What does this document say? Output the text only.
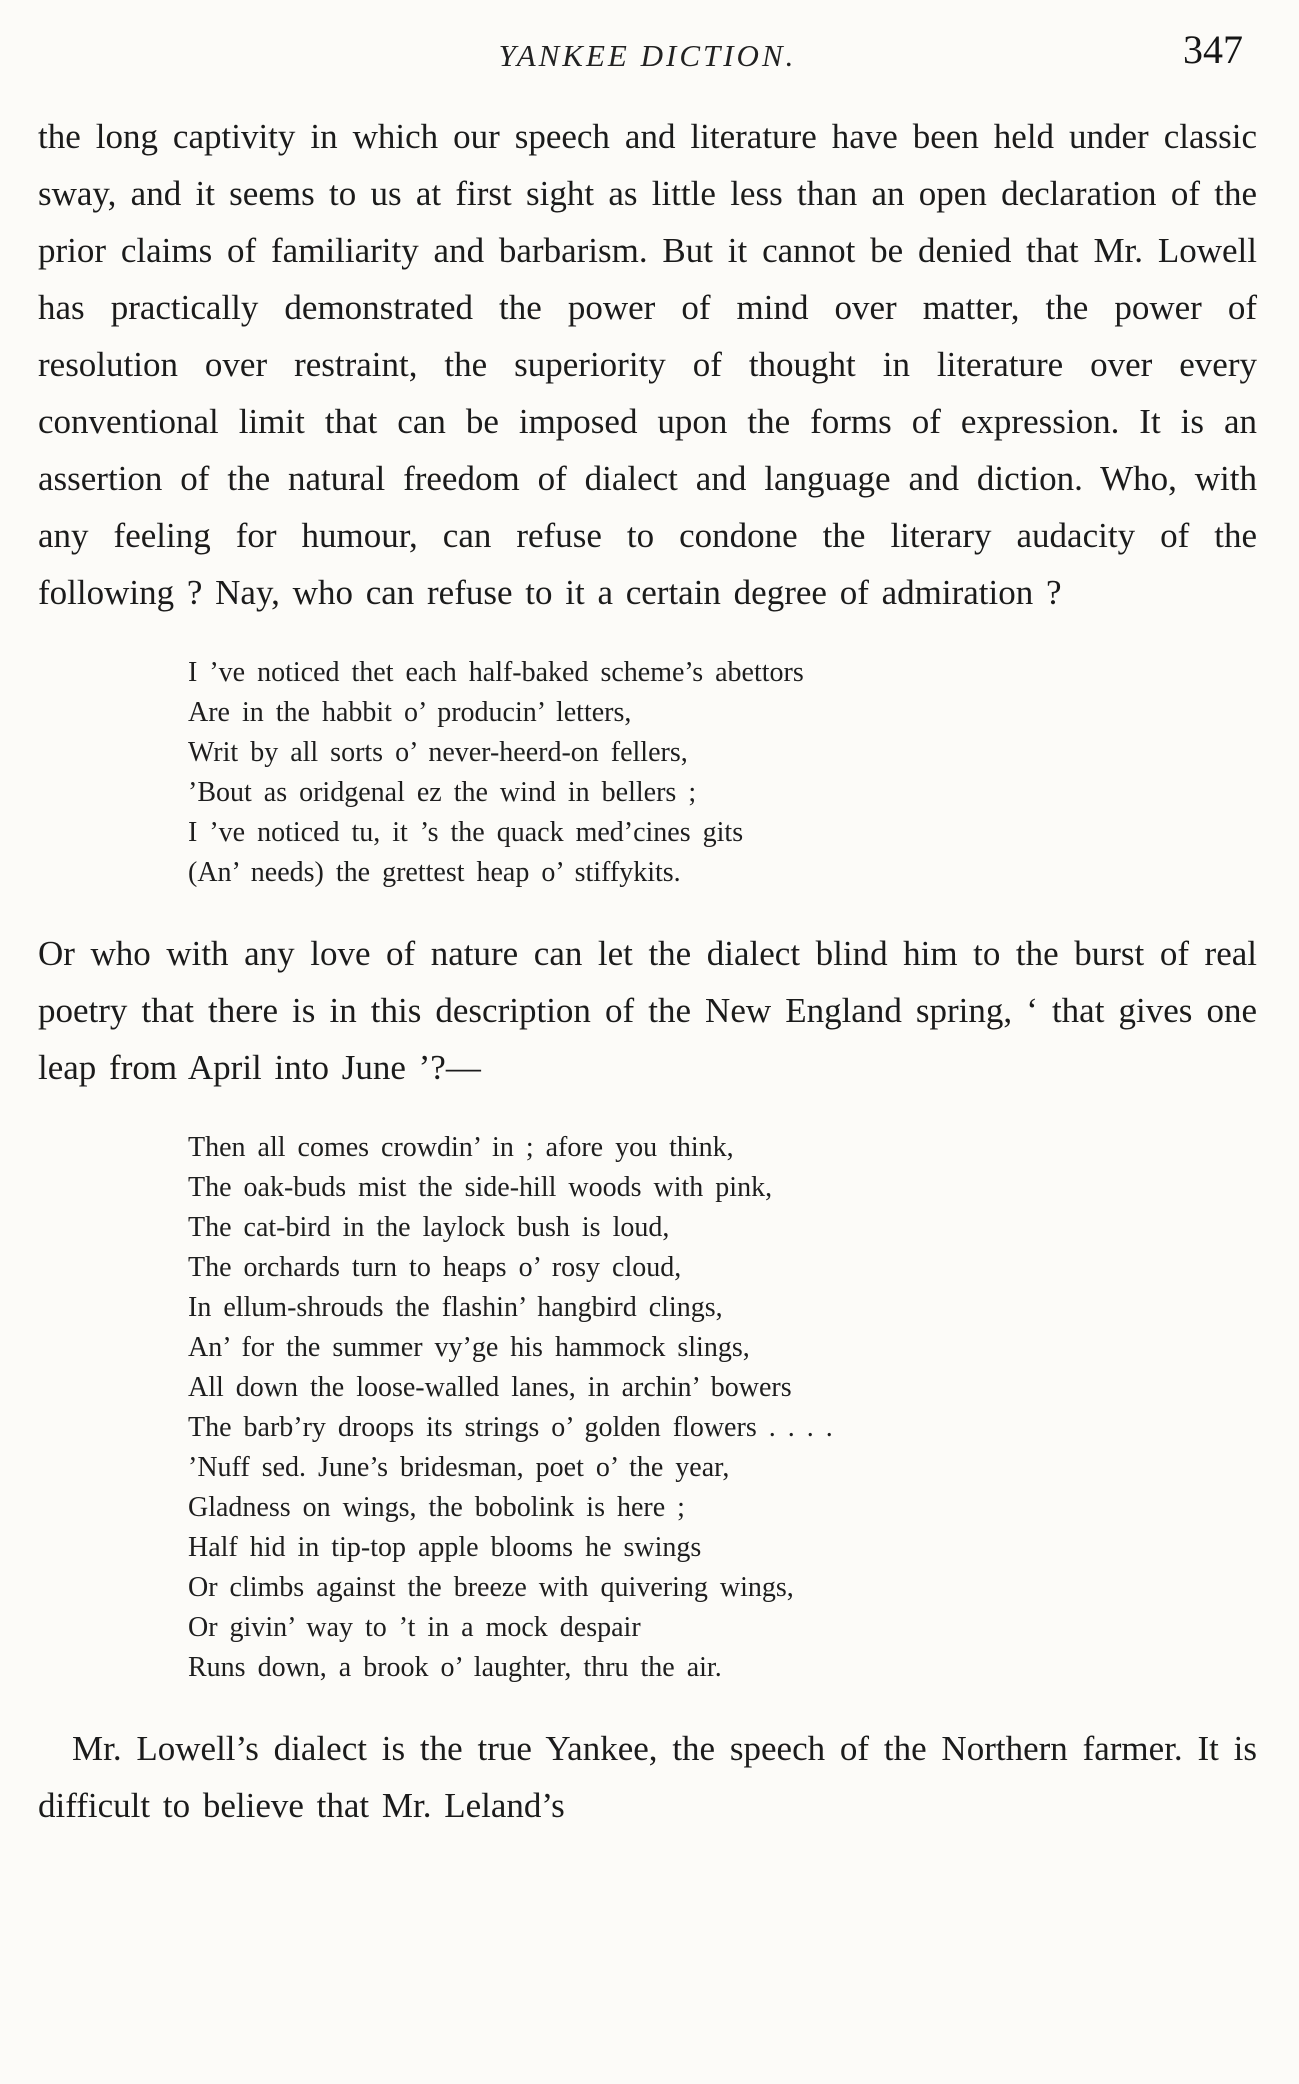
YANKEE DICTION.	347

the long captivity in which our speech and literature have been held under classic sway, and it seems to us at first sight as little less than an open declaration of the prior claims of familiarity and barbarism. But it cannot be denied that Mr. Lowell has practically demonstrated the power of mind over matter, the power of resolution over restraint, the superiority of thought in literature over every conventional limit that can be imposed upon the forms of expression. It is an assertion of the natural freedom of dialect and language and diction. Who, with any feeling for humour, can refuse to condone the literary audacity of the following ? Nay, who can refuse to it a certain degree of admiration ?

I ’ve noticed thet each half-baked scheme’s abettors
Are in the habbit o’ producin’ letters,
Writ by all sorts o’ never-heerd-on fellers,
’Bout as oridgenal ez the wind in bellers ;
I ’ve noticed tu, it ’s the quack med’cines gits
(An’ needs) the grettest heap o’ stiffykits.

Or who with any love of nature can let the dialect blind him to the burst of real poetry that there is in this description of the New England spring, ‘ that gives one leap from April into June ’?—

Then all comes crowdin’ in ; afore you think,
The oak-buds mist the side-hill woods with pink,
The cat-bird in the laylock bush is loud,
The orchards turn to heaps o’ rosy cloud,
In ellum-shrouds the flashin’ hangbird clings,
An’ for the summer vy’ge his hammock slings,
All down the loose-walled lanes, in archin’ bowers
The barb’ry droops its strings o’ golden flowers . . . .
’Nuff sed. June’s bridesman, poet o’ the year,
Gladness on wings, the bobolink is here ;
Half hid in tip-top apple blooms he swings
Or climbs against the breeze with quivering wings,
Or givin’ way to ’t in a mock despair
Runs down, a brook o’ laughter, thru the air.

Mr. Lowell’s dialect is the true Yankee, the speech of the Northern farmer. It is difficult to believe that Mr. Leland’s
